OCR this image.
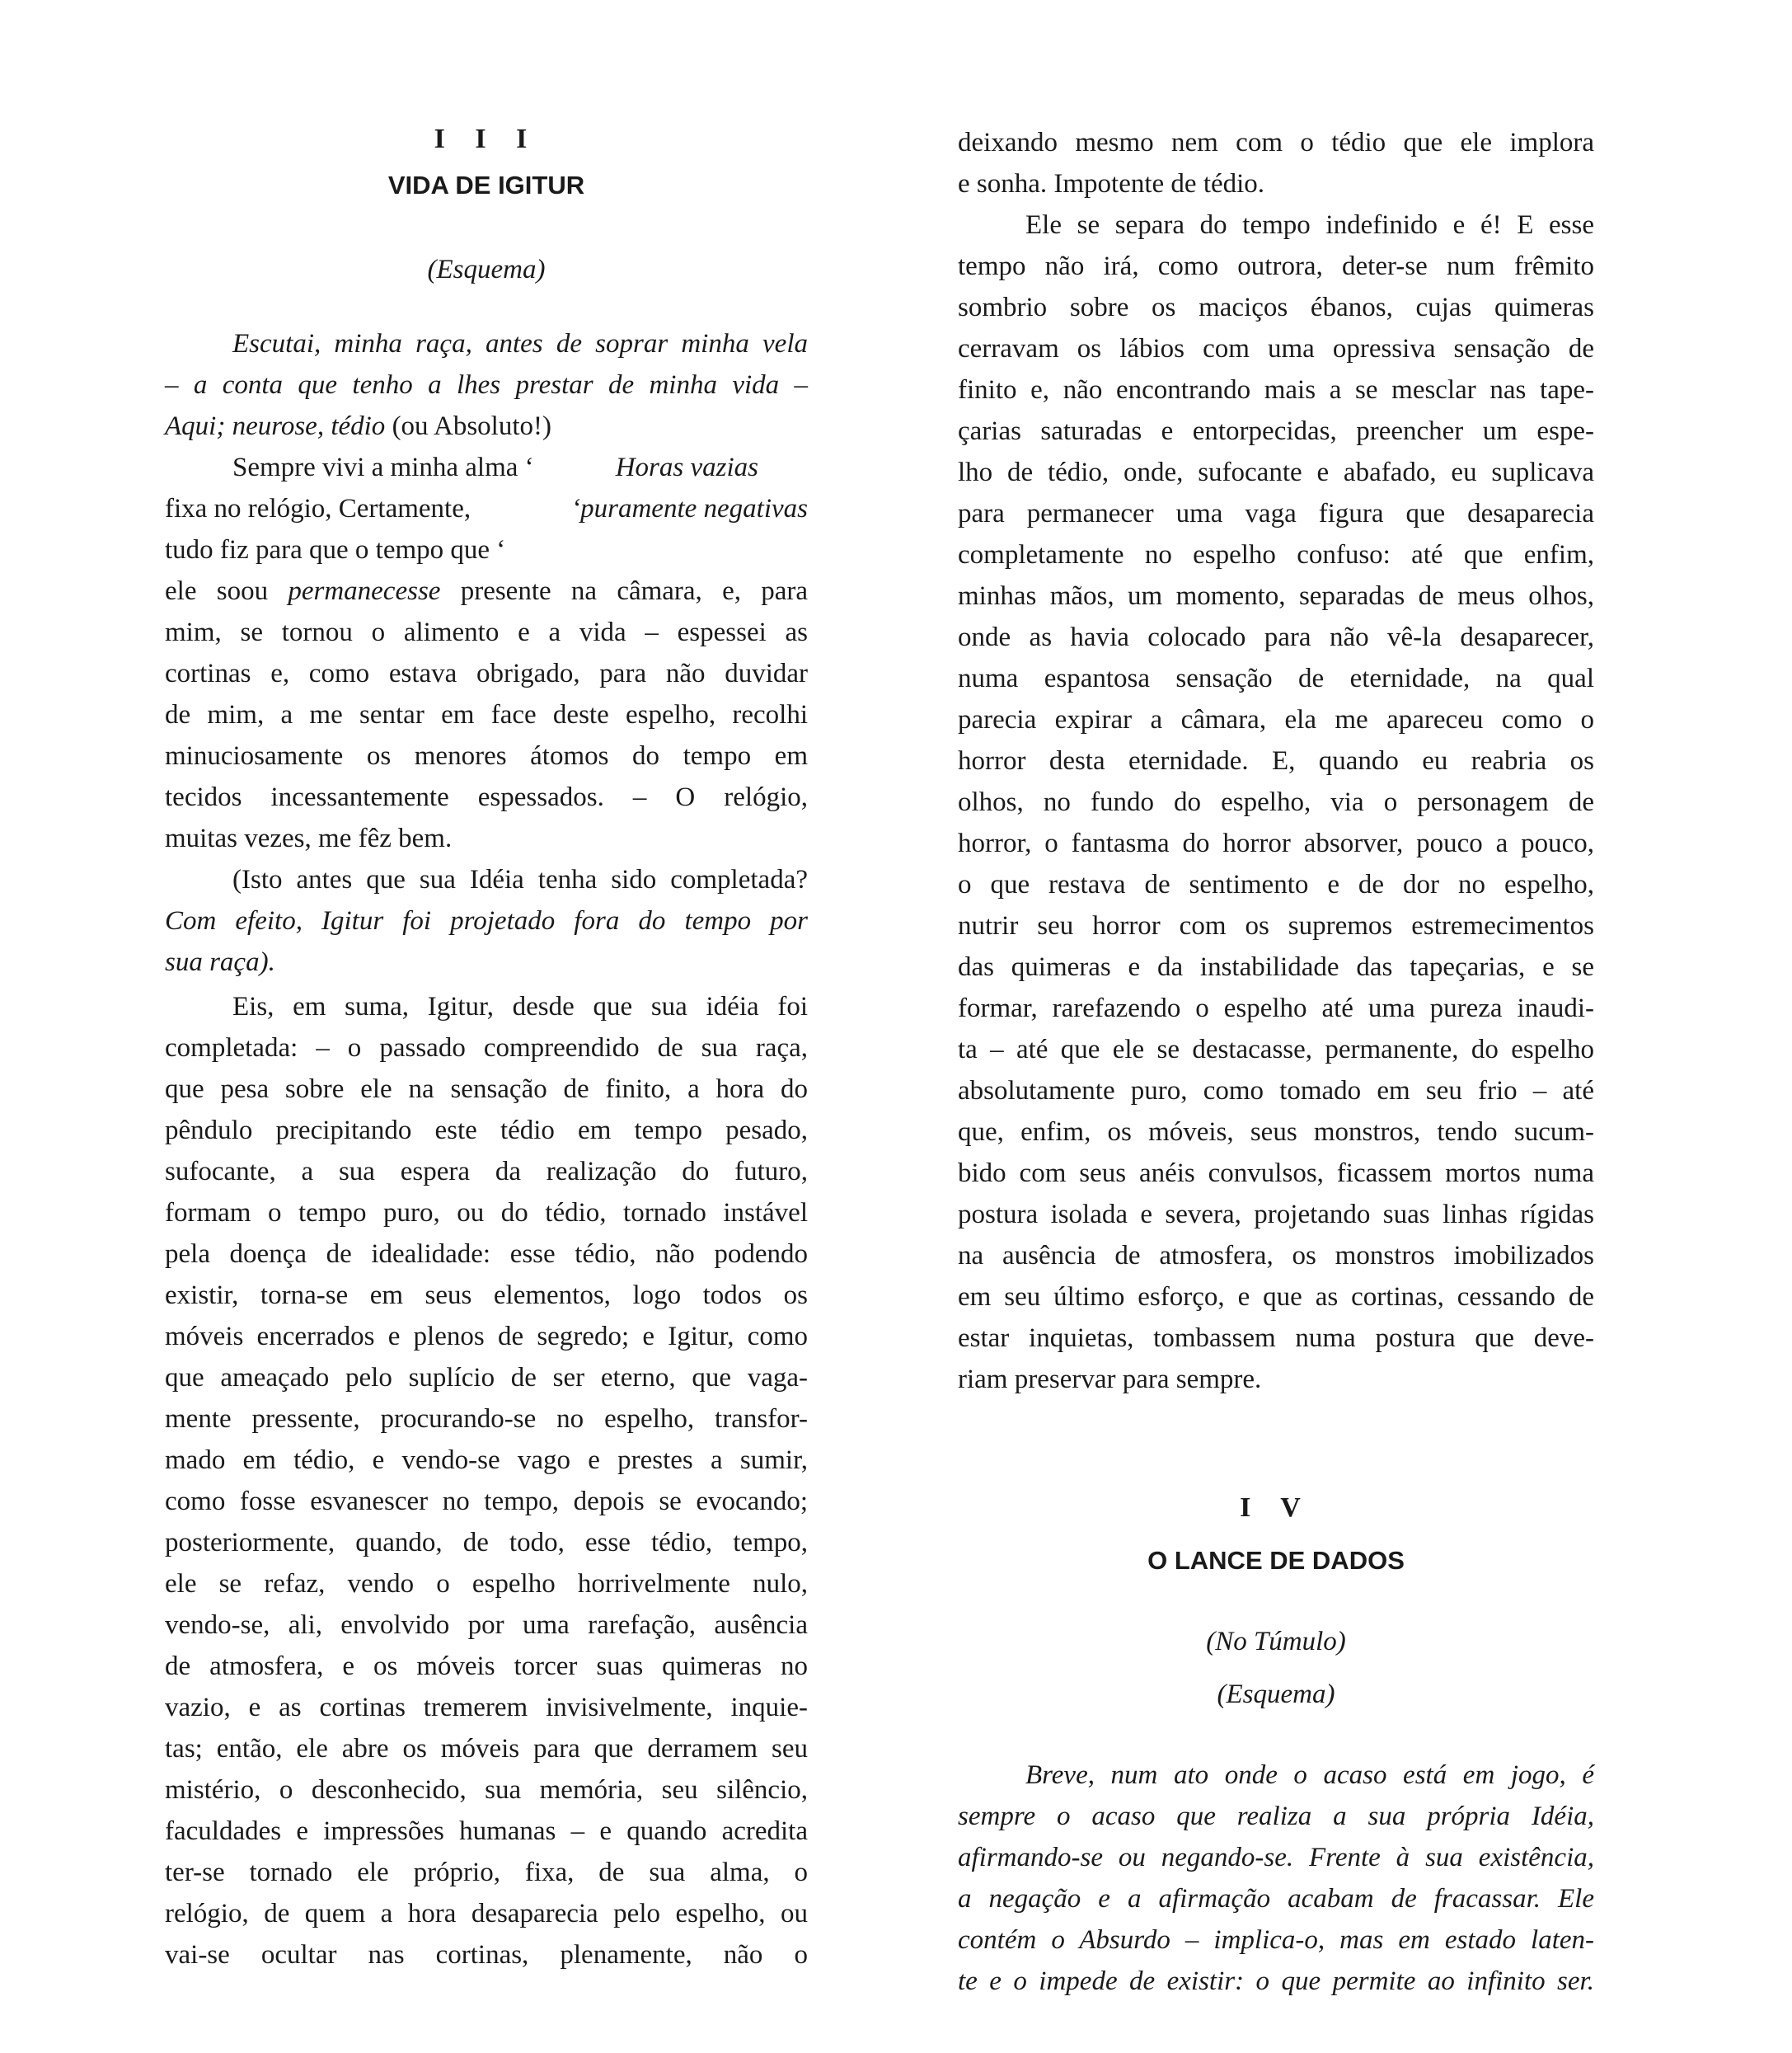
I I I
VIDA DE IGITUR
(Esquema)
Escutai, minha raça, antes de soprar minha vela
– a conta que tenho a lhes prestar de minha vida –
Aqui; neurose, tédio (ou Absoluto!)
Sempre vivi a minha alma ‘	Horas vazias
fixa no relógio, Certamente,	‘puramente negativas
tudo fiz para que o tempo que ‘
ele soou permanecesse presente na câmara, e, para
mim, se tornou o alimento e a vida – espessei as
cortinas e, como estava obrigado, para não duvidar
de mim, a me sentar em face deste espelho, recolhi
minuciosamente os menores átomos do tempo em
tecidos incessantemente espessados. – O relógio,
muitas vezes, me fêz bem.
(Isto antes que sua Idéia tenha sido completada?
Com efeito, Igitur foi projetado fora do tempo por
sua raça).
Eis, em suma, Igitur, desde que sua idéia foi
completada: – o passado compreendido de sua raça,
que pesa sobre ele na sensação de finito, a hora do
pêndulo precipitando este tédio em tempo pesado,
sufocante, a sua espera da realização do futuro,
formam o tempo puro, ou do tédio, tornado instável
pela doença de idealidade: esse tédio, não podendo
existir, torna-se em seus elementos, logo todos os
móveis encerrados e plenos de segredo; e Igitur, como
que ameaçado pelo suplício de ser eterno, que vaga-
mente pressente, procurando-se no espelho, transfor-
mado em tédio, e vendo-se vago e prestes a sumir,
como fosse esvanescer no tempo, depois se evocando;
posteriormente, quando, de todo, esse tédio, tempo,
ele se refaz, vendo o espelho horrivelmente nulo,
vendo-se, ali, envolvido por uma rarefação, ausência
de atmosfera, e os móveis torcer suas quimeras no
vazio, e as cortinas tremerem invisivelmente, inquie-
tas; então, ele abre os móveis para que derramem seu
mistério, o desconhecido, sua memória, seu silêncio,
faculdades e impressões humanas – e quando acredita
ter-se tornado ele próprio, fixa, de sua alma, o
relógio, de quem a hora desaparecia pelo espelho, ou
vai-se ocultar nas cortinas, plenamente, não o
deixando mesmo nem com o tédio que ele implora
e sonha. Impotente de tédio.
Ele se separa do tempo indefinido e é! E esse
tempo não irá, como outrora, deter-se num frêmito
sombrio sobre os maciços ébanos, cujas quimeras
cerravam os lábios com uma opressiva sensação de
finito e, não encontrando mais a se mesclar nas tape-
çarias saturadas e entorpecidas, preencher um espe-
lho de tédio, onde, sufocante e abafado, eu suplicava
para permanecer uma vaga figura que desaparecia
completamente no espelho confuso: até que enfim,
minhas mãos, um momento, separadas de meus olhos,
onde as havia colocado para não vê-la desaparecer,
numa espantosa sensação de eternidade, na qual
parecia expirar a câmara, ela me apareceu como o
horror desta eternidade. E, quando eu reabria os
olhos, no fundo do espelho, via o personagem de
horror, o fantasma do horror absorver, pouco a pouco,
o que restava de sentimento e de dor no espelho,
nutrir seu horror com os supremos estremecimentos
das quimeras e da instabilidade das tapeçarias, e se
formar, rarefazendo o espelho até uma pureza inaudi-
ta – até que ele se destacasse, permanente, do espelho
absolutamente puro, como tomado em seu frio – até
que, enfim, os móveis, seus monstros, tendo sucum-
bido com seus anéis convulsos, ficassem mortos numa
postura isolada e severa, projetando suas linhas rígidas
na ausência de atmosfera, os monstros imobilizados
em seu último esforço, e que as cortinas, cessando de
estar inquietas, tombassem numa postura que deve-
riam preservar para sempre.
I V
O LANCE DE DADOS
(No Túmulo)
(Esquema)
Breve, num ato onde o acaso está em jogo, é
sempre o acaso que realiza a sua própria Idéia,
afirmando-se ou negando-se. Frente à sua existência,
a negação e a afirmação acabam de fracassar. Ele
contém o Absurdo – implica-o, mas em estado laten-
te e o impede de existir: o que permite ao infinito ser.
